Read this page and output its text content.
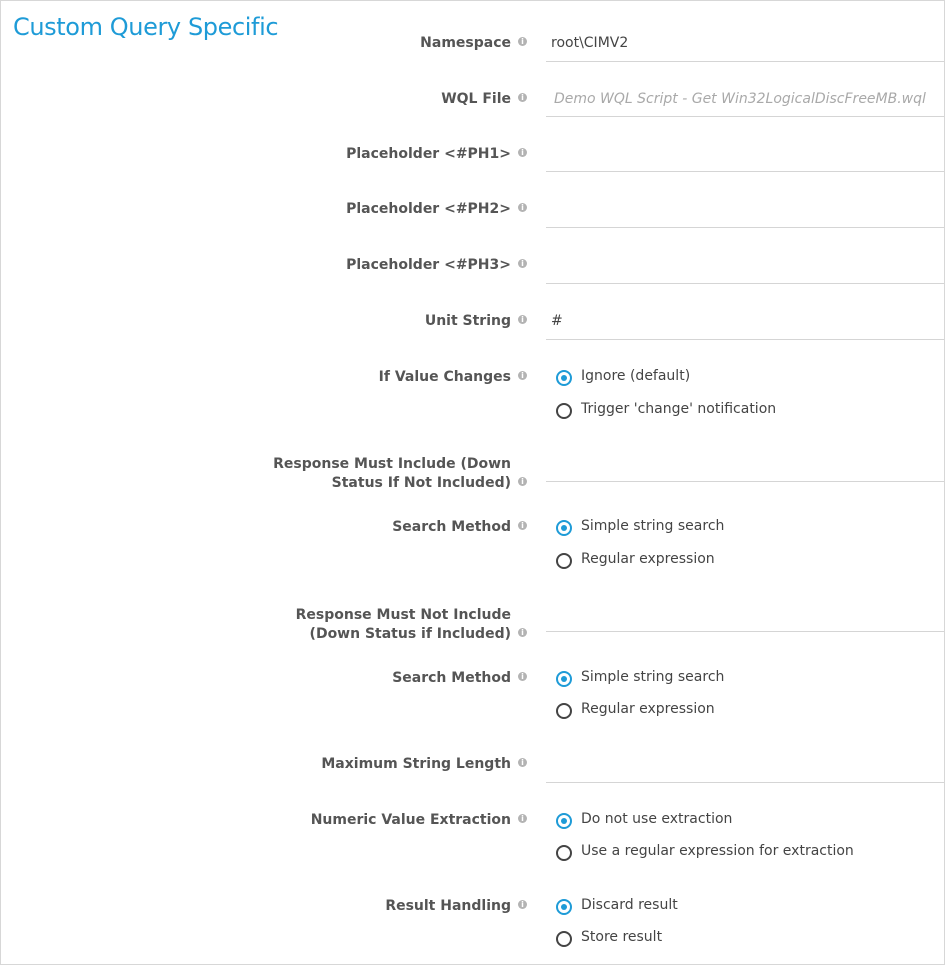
Custom Query Specific
Namespace	i root\CIMV2
WQL File	i Demo WQL Script - Get Win32LogicalDiscFreeMB.wql
Placeholder <#PH1>	i
Placeholder <#PH2>	i
Placeholder <#PH3>	i
Unit String	i #
If Value Changes	i	Ignore (default)
Trigger 'change' notification
Response Must Include (Down
Status If Not Included)	i
Search Method	i	Simple string search
Regular expression
Response Must Not Include
(Down Status if Included)	i
Search Method	i	Simple string search
Regular expression
Maximum String Length	i
Numeric Value Extraction	i	Do not use extraction
Use a regular expression for extraction
Result Handling	i	Discard result
Store result
